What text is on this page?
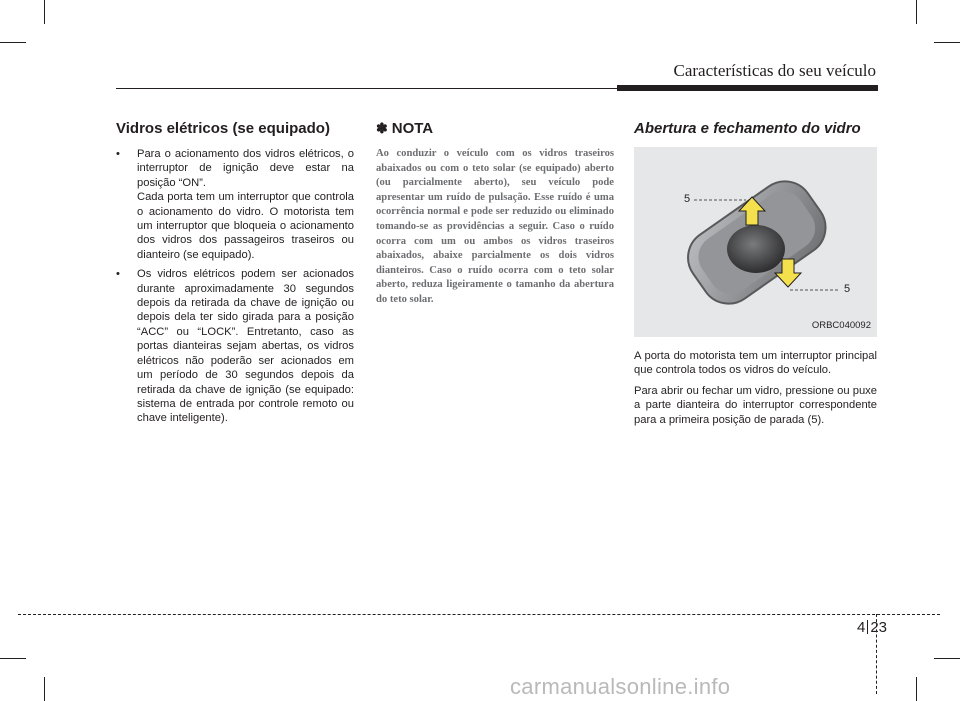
Características do seu veículo
Vidros elétricos (se equipado)
• Para o acionamento dos vidros elétricos, o interruptor de ignição deve estar na posição “ON”.

Cada porta tem um interruptor que controla o acionamento do vidro. O motorista tem um interruptor que bloqueia o acionamento dos vidros dos passageiros traseiros ou dianteiro (se equipado).

• Os vidros elétricos podem ser acionados durante aproximadamente 30 segundos depois da retirada da chave de ignição ou depois dela ter sido girada para a posição “ACC” ou “LOCK”. Entretanto, caso as portas dianteiras sejam abertas, os vidros elétricos não poderão ser acionados em um período de 30 segundos depois da retirada da chave de ignição (se equipado: sistema de entrada por controle remoto ou chave inteligente).

✽ NOTA

Ao conduzir o veículo com os vidros traseiros abaixados ou com o teto solar (se equipado) aberto (ou parcialmente aberto), seu veículo pode apresentar um ruído de pulsação. Esse ruído é uma ocorrência normal e pode ser reduzido ou eliminado tomando-se as providências a seguir. Caso o ruído ocorra com um ou ambos os vidros traseiros abaixados, abaixe parcialmente os dois vidros dianteiros. Caso o ruído ocorra com o teto solar aberto, reduza ligeiramente o tamanho da abertura do teto solar.

Abertura e fechamento do vidro
5
5
ORBC040092

A porta do motorista tem um interruptor principal que controla todos os vidros do veículo.

Para abrir ou fechar um vidro, pressione ou puxe a parte dianteira do interruptor correspondente para a primeira posição de parada (5).

4 23
carmanualsonline.info
